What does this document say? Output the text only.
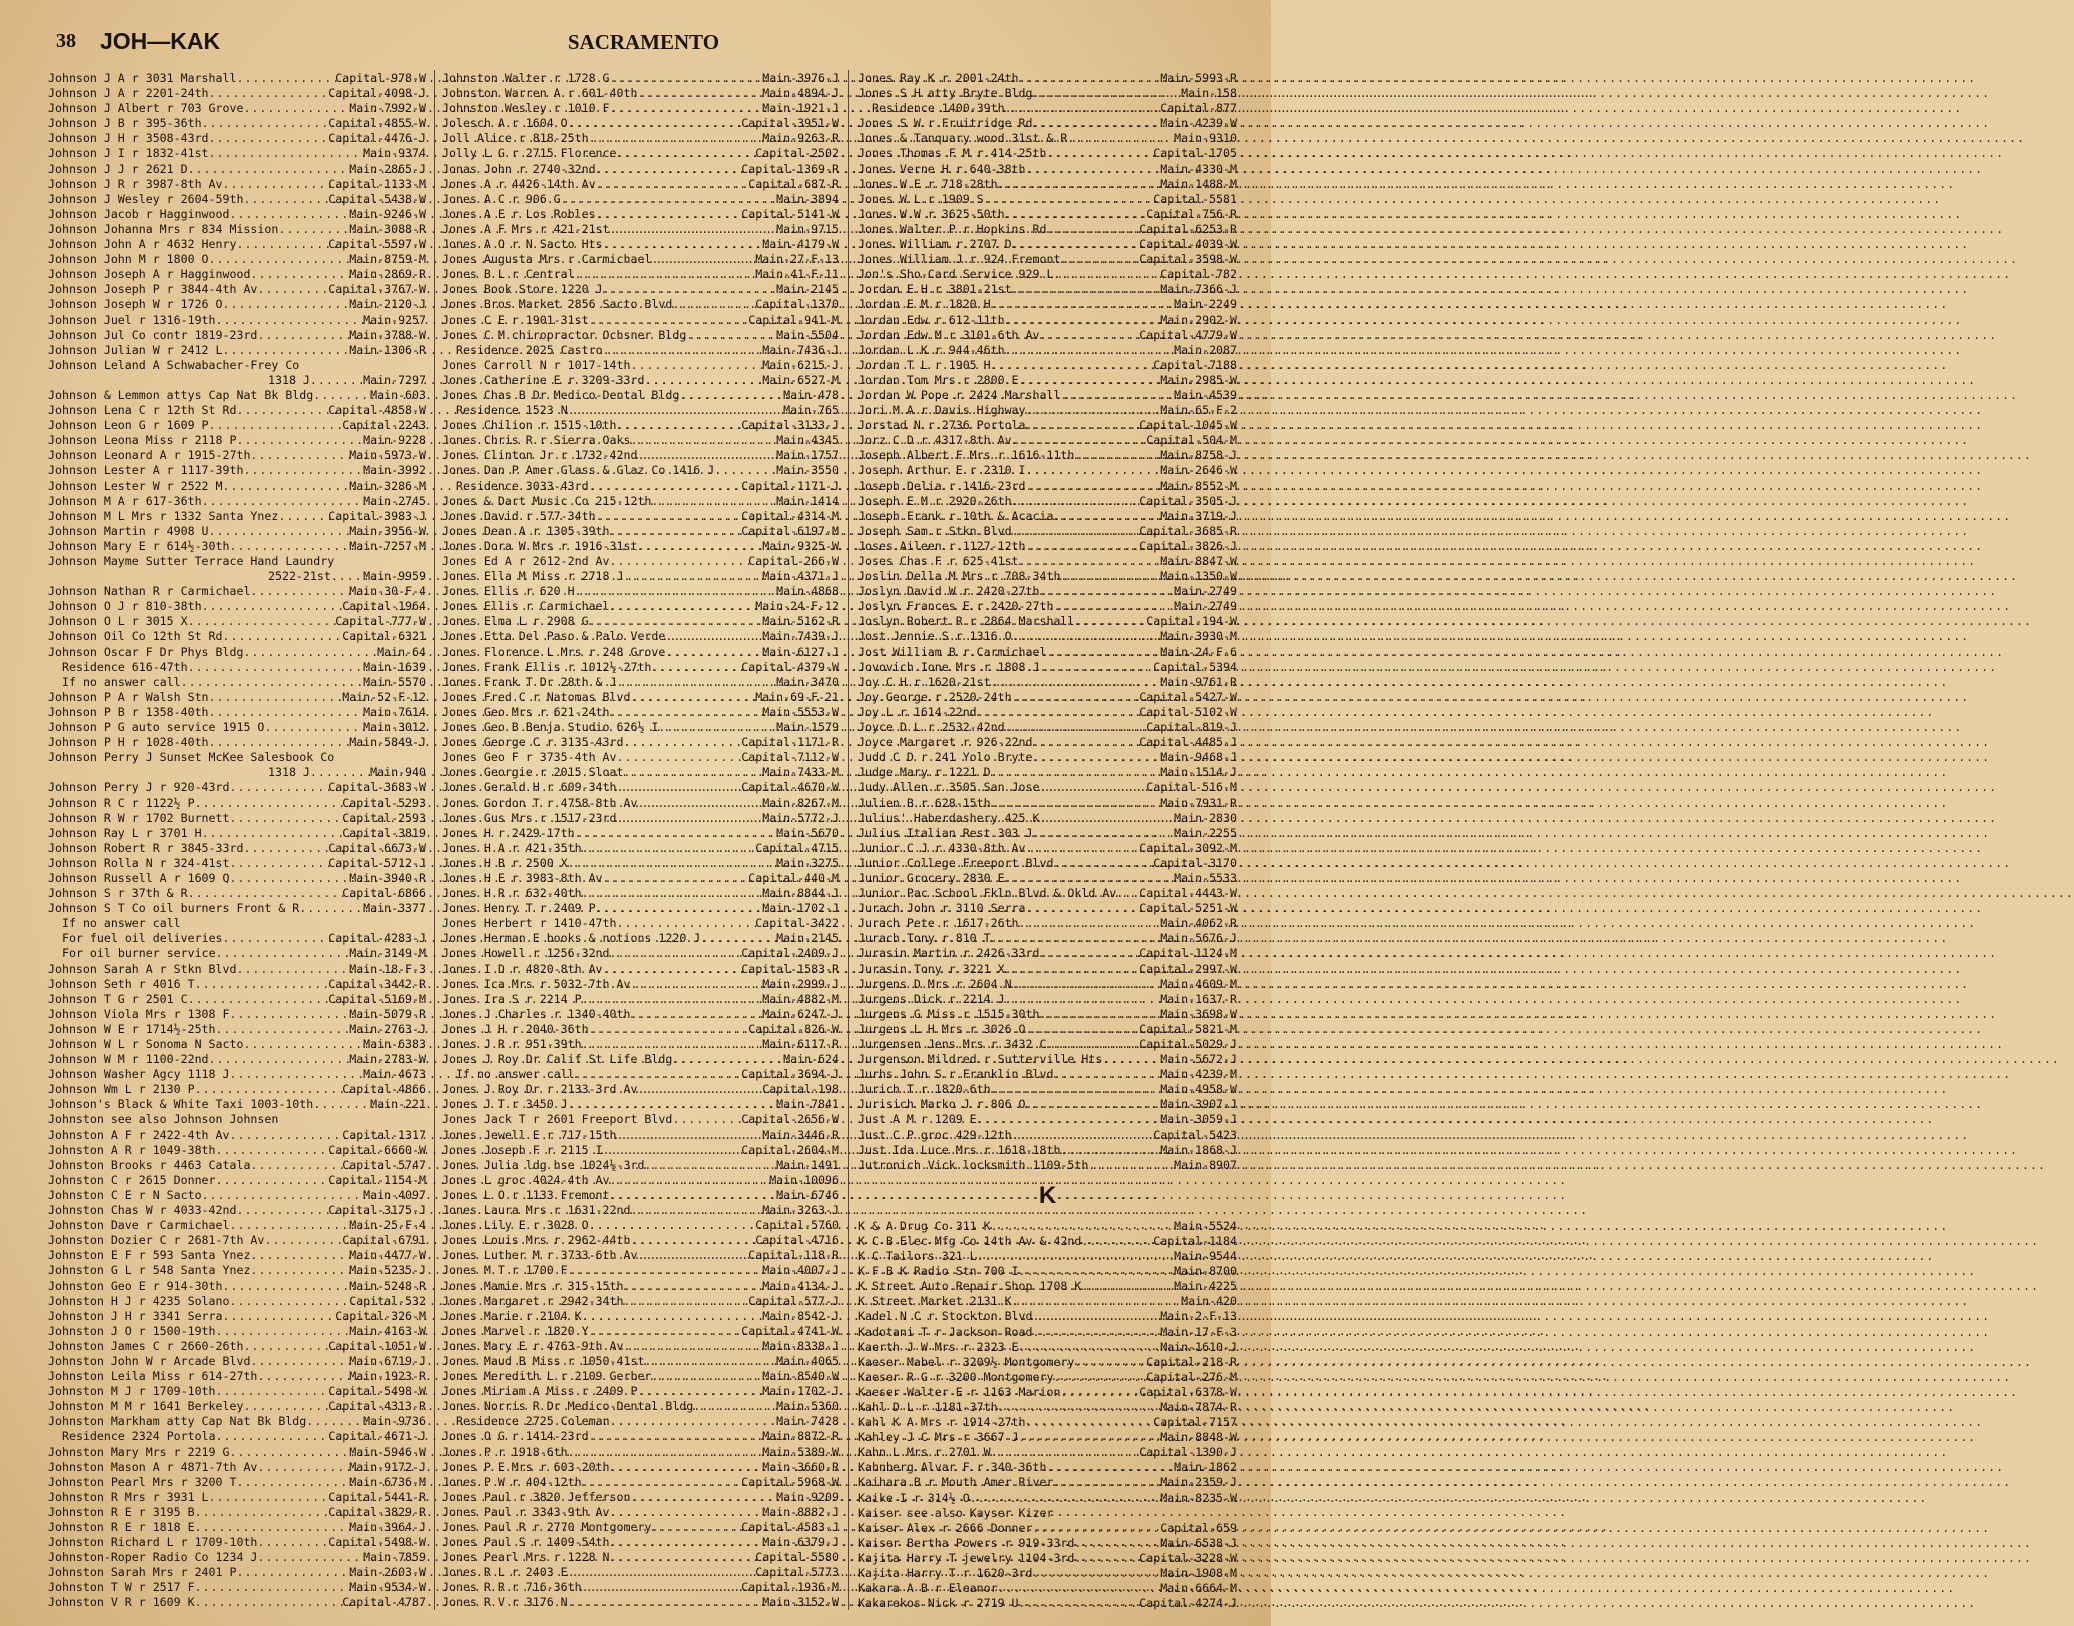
38 JOH—KAK	SACRAMENTO
Johnson J A r 3031 Marshall .....	Capital-978-W
Johnson J A r 2201-24th .....	Capital-4098-J
Johnson J Albert r 703 Grove .....	Main-7992-W
Johnson J B r 395-36th .....	Capital-4855-W
Johnson J H r 3508-43rd .....	Capital-4476-J
Johnson J I r 1832-41st .....	Main-9374
Johnson J J r 2621 D .....	Main-2865-J
Johnson J R r 3987-8th Av .....	Capital-1133-M
Johnson J Wesley r 2604-59th .....	Capital-5438-W
Johnson Jacob r Hagginwood .....	Main-9246-W
Johnson Johanna Mrs r 834 Mission .....	Main-3088-R
Johnson John A r 4632 Henry .....	Capital-5597-W
Johnson John M r 1800 O .....	Main-8759-M
Johnson Joseph A r Hagginwood .....	Main-2869-R
Johnson Joseph P r 3844-4th Av .....	Capital-3767-W
Johnson Joseph W r 1726 O .....	Main-2120-J
Johnson Juel r 1316-19th .....	Main-9257
Johnson Jul Co contr 1819-23rd .....	Main-3788-W
Johnson Julian W r 2412 L .....	Main-1306-R
Johnson Leland A Schwabacher-Frey Co
1318 J .....	Main-7297
Johnson & Lemmon attys Cap Nat Bk Bldg .....	Main-603
Johnson Lena C r 12th St Rd .....	Capital-4858-W
Johnson Leon G r 1609 P .....	Capital-2243
Johnson Leona Miss r 2118 P .....	Main-9228
Johnson Leonard A r 1915-27th .....	Main-5973-W
Johnson Lester A r 1117-39th .....	Main-3992
Johnson Lester W r 2522 M .....	Main-3286-M
Johnson M A r 617-36th .....	Main-2745
Johnson M L Mrs r 1332 Santa Ynez .....	Capital-3983-J
Johnson Martin r 4908 U .....	Main-3956-W
Johnson Mary E r 614½-30th .....	Main-7257-M
Johnson Mayme Sutter Terrace Hand Laundry
2522-21st .....	Main-9959
Johnson Nathan R r Carmichael .....	Main-30-F-4
Johnson O J r 810-38th .....	Capital-1964
Johnson O L r 3015 X .....	Capital-777-W
Johnson Oil Co 12th St Rd .....	Capital-6321
Johnson Oscar F Dr Phys Bldg .....	Main-64
Residence 616-47th .....	Main-1639
If no answer call .....	Main-5570
Johnson P A r Walsh Stn .....	Main-52-F-12
Johnson P B r 1358-40th .....	Main-7614
Johnson P G auto service 1915 O .....	Main-3012
Johnson P H r 1028-40th .....	Main-5849-J
Johnson Perry J Sunset McKee Salesbook Co
1318 J .....	Main-940
Johnson Perry J r 920-43rd .....	Capital-3683-W
Johnson R C r 1122½ P .....	Capital-5293
Johnson R W r 1702 Burnett .....	Capital-2593
Johnson Ray L r 3701 H .....	Capital-3819
Johnson Robert R r 3845-33rd .....	Capital-6673-W
Johnson Rolla N r 324-41st .....	Capital-5712-J
Johnson Russell A r 1609 Q .....	Main-3940-R
Johnson S r 37th & R .....	Capital-6866
Johnson S T Co oil burners Front & R .....	Main-3377
If no answer call
For fuel oil deliveries .....	Capital-4283-J
For oil burner service .....	Main-3149-M
Johnson Sarah A r Stkn Blvd .....	Main-18-F-3
Johnson Seth r 4016 T .....	Capital-3442-R
Johnson T G r 2501 C .....	Capital-5169-M
Johnson Viola Mrs r 1308 F .....	Main-5079-R
Johnson W E r 1714½-25th .....	Main-2763-J
Johnson W L r Sonoma N Sacto .....	Main-6383
Johnson W M r 1100-22nd .....	Main-2783-W
Johnson Washer Agcy 1118 J .....	Main-4673
Johnson Wm L r 2130 P .....	Capital-4866
Johnson's Black & White Taxi 1003-10th .....	Main-221
Johnston see also Johnson Johnsen
Johnston A F r 2422-4th Av .....	Capital-1317
Johnston A R r 1049-38th .....	Capital-6660-W
Johnston Brooks r 4463 Catala .....	Capital-5747
Johnston C r 2615 Donner .....	Capital-1154-M
Johnston C E r N Sacto .....	Main-4097
Johnston Chas W r 4033-42nd .....	Capital-3175-J
Johnston Dave r Carmichael .....	Main-25-F-4
Johnston Dozier C r 2681-7th Av .....	Capital-6791
Johnston E F r 593 Santa Ynez .....	Main-4477-W
Johnston G L r 548 Santa Ynez .....	Main-5235-J
Johnston Geo E r 914-30th .....	Main-5248-R
Johnston H J r 4235 Solano .....	Capital-532
Johnston J H r 3341 Serra .....	Capital-326-M
Johnston J O r 1500-19th .....	Main-4163-W
Johnston James C r 2660-26th .....	Capital-1051-W
Johnston John W r Arcade Blvd .....	Main-6719-J
Johnston Leila Miss r 614-27th .....	Main-1923-R
Johnston M J r 1709-10th .....	Capital-5498-W
Johnston M M r 1641 Berkeley .....	Capital-4313-R
Johnston Markham atty Cap Nat Bk Bldg .....	Main-9736
Residence 2324 Portola .....	Capital-4671-J
Johnston Mary Mrs r 2219 G .....	Main-5946-W
Johnston Mason A r 4871-7th Av .....	Main-9172-J
Johnston Pearl Mrs r 3200 T .....	Main-6736-M
Johnston R Mrs r 3931 L .....	Capital-5441-R
Johnston R E r 3195 B .....	Capital-3829-R
Johnston R E r 1818 E .....	Main-3964-J
Johnston Richard L r 1709-10th .....	Capital-5498-W
Johnston-Roper Radio Co 1234 J .....	Main-7859
Johnston Sarah Mrs r 2401 P .....	Main-2603-W
Johnston T W r 2517 F .....	Main-9534-W
Johnston V R r 1609 K .....	Capital-4787
Johnston Walter r 1728 G .....	Main-3976-J
Johnston Warren A r 601-40th .....	Main-4894-J
Johnston Wesley r 1010 F .....	Main-1921-J
Jolesch A r 1604 O .....	Capital-3951-W
Joll Alice r 818-25th .....	Main-9263-R
Jolly L G r 2715 Florence .....	Capital-2502
Jonas John r 2740-32nd .....	Capital-1369-R
Jones A r 4426-14th Av .....	Capital-687-R
Jones A C r 906 G .....	Main-3894
Jones A E r Los Robles .....	Capital-5141-W
Jones A F Mrs r 421-21st .....	Main-9715
Jones A O r N Sacto Hts .....	Main-4179-W
Jones Augusta Mrs r Carmichael .....	Main-27-F-13
Jones B L r Central .....	Main-41-F-11
Jones Book Store 1220 J .....	Main-2145
Jones Bros Market 2856 Sacto Blvd .....	Capital-1370
Jones C E r 1901-31st .....	Capital-941-M
Jones C M chiropractor Ochsner Bldg .....	Main-5504
Residence 2025 Castro .....	Main-7436-J
Jones Carroll N r 1017-14th .....	Main-6215-J
Jones Catherine E r 3209-33rd .....	Main-6527-M
Jones Chas B Dr Medico-Dental Bldg .....	Main-478
Residence 1523 N .....	Main-765
Jones Chilion r 1515-10th .....	Capital-3133-J
Jones Chris R r Sierra Oaks .....	Main-4345
Jones Clinton Jr r 1732-42nd .....	Main-1757
Jones Dan P Amer Glass & Glaz Co 1416 J .....	Main-3550
Residence 3033-43rd .....	Capital-1171-J
Jones & Dart Music Co 215-12th .....	Main-1414
Jones David r 577-34th .....	Capital-4314-M
Jones Dean A r 1305-39th .....	Capital-6197-M
Jones Dora W Mrs r 1916-31st .....	Main-9325-W
Jones Ed A r 2612-2nd Av .....	Capital-266-W
Jones Ella M Miss r 2718 J .....	Main-4371-J
Jones Ellis r 620 H .....	Main-4868
Jones Ellis r Carmichael .....	Main-24-F-12
Jones Elma L r 2908 G .....	Main-5162-R
Jones Etta Del Paso & Palo Verde .....	Main-7439-J
Jones Florence L Mrs r 248 Grove .....	Main-6127-J
Jones Frank Ellis r 1012½-27th .....	Capital-4379-W
Jones Frank T Dr 28th & J .....	Main-3470
Jones Fred C r Natomas Blvd .....	Main-69-F-21
Jones Geo Mrs r 621-24th .....	Main-5553-W
Jones Geo B Benja Studio 626½ I .....	Main-1579
Jones George C r 3135-43rd .....	Capital-1171-R
Jones Geo F r 3735-4th Av .....	Capital-7112-W
Jones Georgie r 2015 Sloat .....	Main-7433-M
Jones Gerald H r 609-34th .....	Capital-4670-W
Jones Gordon T r 4758-8th Av .....	Main-8267-M
Jones Gus Mrs r 1517-23rd .....	Main-5772-J
Jones H r 2429-17th .....	Main-5670
Jones H A r 421-35th .....	Capital-4715
Jones H B r 2500 X .....	Main-3275
Jones H E r 3983-8th Av .....	Capital-440-M
Jones H R r 632-40th .....	Main-8844-J
Jones Henry T r 2409 P .....	Main-1702-J
Jones Herbert r 1410-47th .....	Capital-3422
Jones Herman E books & notions 1220 J .....	Main-2145
Jones Howell r 1256-32nd .....	Capital-2409-J
Jones I D r 4820-8th Av .....	Capital-1583-R
Jones Ica Mrs r 5032-7th Av .....	Main-2999-J
Jones Ira S r 2214 P .....	Main-4882-M
Jones J Charles r 1340-40th .....	Main-6247-J
Jones J H r 2040-36th .....	Capital-826-W
Jones J R r 951-39th .....	Main-6117-R
Jones J Roy Dr Calif St Life Bldg .....	Main-624
If no answer call .....	Capital-3694-J
Jones J Roy Dr r 2133-3rd Av .....	Capital-198
Jones J T r 3450 J .....	Main-7841
Jones Jack T r 2601 Freeport Blvd .....	Capital-2656-W
Jones Jewell E r 717-15th .....	Main-3446-R
Jones Joseph F r 2115 I .....	Capital-2604-M
Jones Julia ldg hse 1024½-3rd .....	Main-1491
Jones L groc 4024-4th Av .....	Main-10096
Jones L O r 1133 Fremont .....	Main-6746
Jones Laura Mrs r 1631-22nd .....	Main-3263-J
Jones Lily E r 3028 O .....	Capital-5760
Jones Louis Mrs r 2962-44th .....	Capital-4716
Jones Luther M r 3733-6th Av .....	Capital-118-R
Jones M T r 1700 F .....	Main-4007-J
Jones Mamie Mrs r 315-15th .....	Main-4134-J
Jones Margaret r 2942-34th .....	Capital-577-J
Jones Marie r 2104 K .....	Main-8542-J
Jones Marvel r 1820 Y .....	Capital-4741-W
Jones Mary E r 4763-9th Av .....	Main-8338-J
Jones Maud B Miss r 1050-41st .....	Main-4065
Jones Meredith L r 2109 Gerber .....	Main-8540-W
Jones Miriam A Miss r 2409 P .....	Main-1702-J
Jones Norris R Dr Medico-Dental Bldg .....	Main-5360
Residence 2725 Coleman .....	Main-7428
Jones O G r 1414-23rd .....	Main-8872-R
Jones P r 1918-6th .....	Main-5389-W
Jones P E Mrs r 603-20th .....	Main-3660-R
Jones P W r 404-12th .....	Capital-5968-W
Jones Paul r 3820 Jefferson .....	Main-9209
Jones Paul r 3343-9th Av .....	Main-8882-J
Jones Paul R r 2770 Montgomery .....	Capital-4583-J
Jones Paul S r 1409-54th .....	Main-6379-J
Jones Pearl Mrs r 1228 N .....	Capital-5580
Jones R L r 2403 E .....	Capital-5773
Jones R R r 716-36th .....	Capital-1936-M
Jones R V r 3176 N .....	Main-3152-W
Jones Ray K r 2001-24th .....	Main-5993-R
Jones S H atty Bryte Bldg .....	Main-158
Residence 1400-39th .....	Capital-877
Jones S W r Fruitridge Rd .....	Main-4239-W
Jones & Tanquary wood 31st & R .....	Main-9310
Jones Thomas F M r 414-25th .....	Capital-1705
Jones Verne H r 640-38th .....	Main-4330-M
Jones W E r 718-28th .....	Main-1488-M
Jones W L r 1909 S .....	Capital-5581
Jones W W r 3625-50th .....	Capital-756-R
Jones Walter P r Hopkins Rd .....	Capital-6253-R
Jones William r 2707 D .....	Capital-4039-W
Jones William J r 924 Fremont .....	Capital-3598-W
Jon's Sho-Card Service 929 L .....	Capital-782
Jordan E H r 3801-21st .....	Main-7366-J
Jordan E M r 1820 H .....	Main-2249
Jordan Edw r 612-11th .....	Main-2902-W
Jordan Edw M r 3101-6th Av .....	Capital-4779-W
Jordan L K r 944-46th .....	Main-2087
Jordan T L r 1905 H .....	Capital-7188
Jordan Tom Mrs r 2800 E .....	Main-2985-W
Jordan W Pope r 2424 Marshall .....	Main-4539
Jori M A r Davis Highway .....	Main-65-F-2
Jorstad N r 2736 Portola .....	Capital-1045-W
Jorz C D r 4317-8th Av .....	Capital-504-M
Joseph Albert F Mrs r 1616-11th .....	Main-8758-J
Joseph Arthur E r 2310 I .....	Main-2646-W
Joseph Delia r 1416-23rd .....	Main-8552-M
Joseph E M r 2920-26th .....	Capital-3505-J
Joseph Frank r 10th & Acacia .....	Main-3719-J
Joseph Sam r Stkn Blvd .....	Capital-3685-R
Joses Aileen r 1127-12th .....	Capital-3826-J
Joses Chas F r 625-41st .....	Main-8847-W
Joslin Della M Mrs r 708-34th .....	Main-1350-W
Joslyn David W r 2420-27th .....	Main-2749
Joslyn Frances E r 2420-27th .....	Main-2749
Joslyn Robert R r 2864 Marshall .....	Capital-194-W
Jost Jennie S r 1316 O .....	Main-3930-M
Jost William B r Carmichael .....	Main-24-F-6
Jovovich Ione Mrs r 1808 J .....	Capital-5394
Joy C H r 1620-21st .....	Main-9761-R
Joy George r 2520-24th .....	Capital-5427-W
Joy L r 1614-22nd .....	Capital-5102-W
Joyce D L r 2532-42nd .....	Capital-819-J
Joyce Margaret r 926-22nd .....	Capital-4485-J
Judd C D r 241 Yolo Bryte .....	Main-9468-J
Judge Mary r 1221 D .....	Main-1514-J
Judy Allen r 3505 San Jose .....	Capital-516-M
Julien B r 628-15th .....	Main-7931-R
Julius' Haberdashery 425 K .....	Main-2830
Julius Italian Rest 303 J .....	Main-2255
Junior C J r 4330-8th Av .....	Capital-3092-M
Junior College Freeport Blvd .....	Capital-3170
Junior Grocery 2830 E .....	Main-5533
Junior Pac School Fkln Blvd & Okld Av ..... Capital-4443-W
Jurach John r 3110 Serra .....	Capital-5251-W
Jurach Pete r 1617-26th .....	Main-4062-R
Jurach Tony r 810 T .....	Main-5676-J
Jurasin Martin r 2426-33rd .....	Capital-1124-M
Jurasin Tony r 3221 X .....	Capital-2997-W
Jurgens D Mrs r 2604 N .....	Main-4609-M
Jurgens Dick r 2214 J .....	Main-1637-R
Jurgens G Miss r 1515-30th .....	Main-3698-W
Jurgens L H Mrs r 3026 O .....	Capital-5821-M
Jurgensen Jens Mrs r 3432 C .....	Capital-5029-J
Jurgenson Mildred r Sutterville Hts .....	Main-5672-J
Jurhs John S r Franklin Blvd .....	Main-4239-M
Jurich T r 1820-6th .....	Main-4958-W
Jurisich Marko J r 806 O .....	Main-3907-J
Just A M r 1209 E .....	Main-3059-J
Just C P groc 429-12th .....	Capital-5423
Just Ida Luce Mrs r 1618-18th .....	Main-1868-J
Jutronich Vick locksmith 1109-5th .....	Main-8907
K
K & A Drug Co 311 K .....	Main-5524
K C B Elec Mfg Co 14th Av & 42nd .....	Capital-1184
K C Tailors 321 L .....	Main-9544
K F B K Radio Stn 700 I .....	Main-8700
K Street Auto Repair Shop 1708 K .....	Main-4225
K Street Market 2131 K .....	Main-420
Kadel N C r Stockton Blvd .....	Main-2-F-13
Kadotani T r Jackson Road .....	Main-17-F-3
Kaerth J W Mrs r 2323 E .....	Main-1610-J
Kaeser Mabel r 3209½ Montgomery .....	Capital-218-R
Kaeser R G r 3200 Montgomery .....	Capital-276-M
Kaeser Walter E r 1163 Marion .....	Capital-6378-W
Kahl D L r 1181-37th .....	Main-7874-R
Kahl K A Mrs r 1914-27th .....	Capital-7157
Kahley J C Mrs r 3667 J .....	Main-8848-W
Kahn L Mrs r 2701 W .....	Capital-1390-J
Kahnberg Alvar F r 340-36th .....	Main-1862
Kaihara B r Mouth Amer River .....	Main-2359-J
Kaike I r 314½ O .....	Main-8235-W
Kaiser see also Kayser Kizer
Kaiser Alex r 2666 Donner .....	Capital-659
Kaiser Bertha Powers r 919-33rd .....	Main-6538-J
Kajita Harry T jewelry 1104-3rd .....	Capital-3228-W
Kajita Harry T r 1620-3rd .....	Main-1908-M
Kakara A B r Eleanor .....	Main-6664-M
Kakarekos Nick r 2719 U .....	Capital-4274-J
